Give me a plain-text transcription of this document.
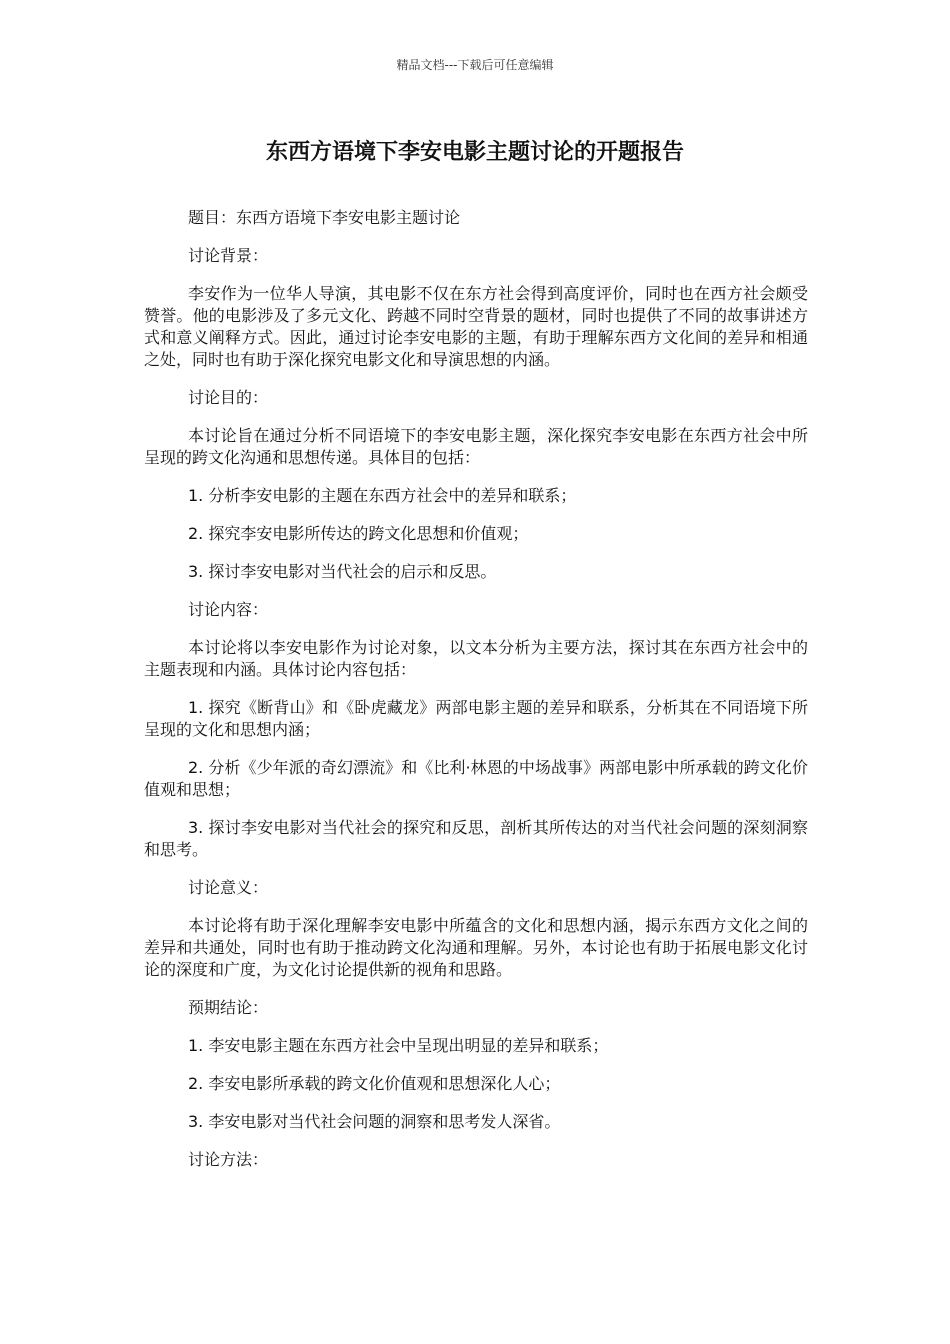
精品文档---下载后可任意编辑
东西方语境下李安电影主题讨论的开题报告

题目：东西方语境下李安电影主题讨论

讨论背景：

李安作为一位华人导演，其电影不仅在东方社会得到高度评价，同时也在西方社会颇受赞誉。他的电影涉及了多元文化、跨越不同时空背景的题材，同时也提供了不同的故事讲述方式和意义阐释方式。因此，通过讨论李安电影的主题，有助于理解东西方文化间的差异和相通之处，同时也有助于深化探究电影文化和导演思想的内涵。

讨论目的：

本讨论旨在通过分析不同语境下的李安电影主题，深化探究李安电影在东西方社会中所呈现的跨文化沟通和思想传递。具体目的包括：

1. 分析李安电影的主题在东西方社会中的差异和联系；

2. 探究李安电影所传达的跨文化思想和价值观；

3. 探讨李安电影对当代社会的启示和反思。

讨论内容：

本讨论将以李安电影作为讨论对象，以文本分析为主要方法，探讨其在东西方社会中的主题表现和内涵。具体讨论内容包括：

1. 探究《断背山》和《卧虎藏龙》两部电影主题的差异和联系，分析其在不同语境下所呈现的文化和思想内涵；

2. 分析《少年派的奇幻漂流》和《比利·林恩的中场战事》两部电影中所承载的跨文化价值观和思想；

3. 探讨李安电影对当代社会的探究和反思，剖析其所传达的对当代社会问题的深刻洞察和思考。

讨论意义：

本讨论将有助于深化理解李安电影中所蕴含的文化和思想内涵，揭示东西方文化之间的差异和共通处，同时也有助于推动跨文化沟通和理解。另外，本讨论也有助于拓展电影文化讨论的深度和广度，为文化讨论提供新的视角和思路。

预期结论：

1. 李安电影主题在东西方社会中呈现出明显的差异和联系；

2. 李安电影所承载的跨文化价值观和思想深化人心；

3. 李安电影对当代社会问题的洞察和思考发人深省。

讨论方法：
